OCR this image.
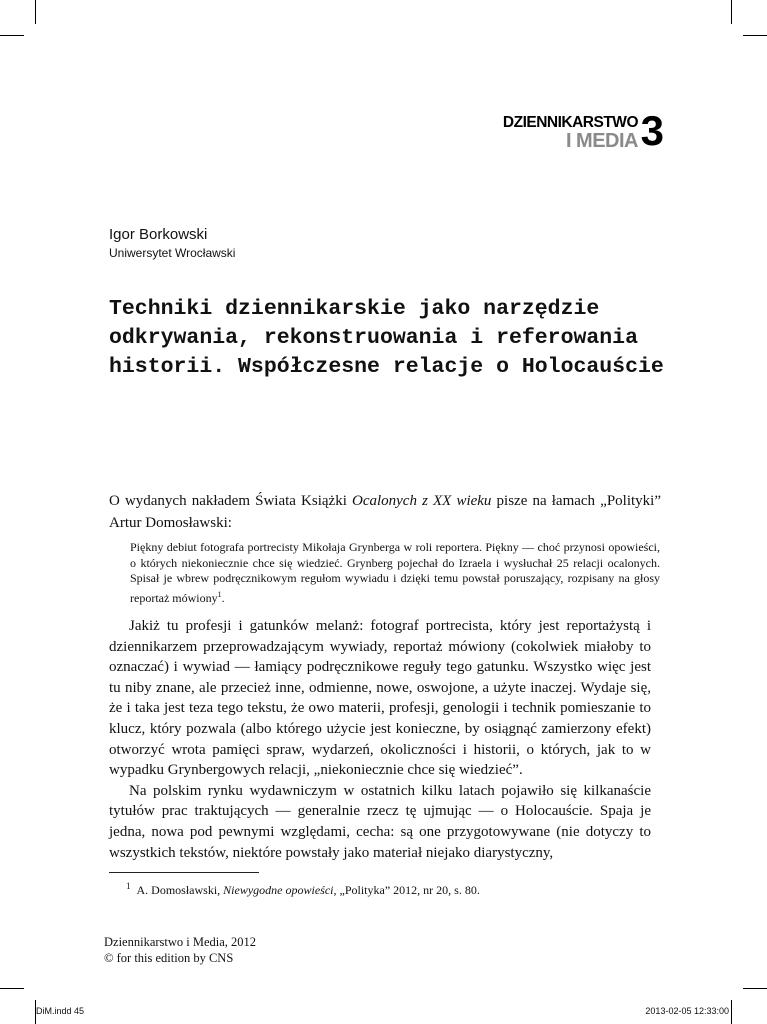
DZIENNIKARSTWO
I MEDIA 3
Igor Borkowski
Uniwersytet Wrocławski
Techniki dziennikarskie jako narzędzie odkrywania, rekonstruowania i referowania historii. Współczesne relacje o Holocauście

O wydanych nakładem Świata Książki Ocalonych z XX wieku pisze na łamach „Polityki” Artur Domosławski:

Piękny debiut fotografa portrecisty Mikołaja Grynberga w roli reportera. Piękny — choć przynosi opowieści, o których niekoniecznie chce się wiedzieć. Grynberg pojechał do Izraela i wysłuchał 25 relacji ocalonych. Spisał je wbrew podręcznikowym regułom wywiadu i dzięki temu powstał poruszający, rozpisany na głosy reportaż mówiony$^1$.

Jakiż tu profesji i gatunków melanż: fotograf portrecista, który jest reportażystą i dziennikarzem przeprowadzającym wywiady, reportaż mówiony (cokolwiek miałoby to oznaczać) i wywiad — łamiący podręcznikowe reguły tego gatunku. Wszystko więc jest tu niby znane, ale przecież inne, odmienne, nowe, oswojone, a użyte inaczej. Wydaje się, że i taka jest teza tego tekstu, że owo materii, profesji, genologii i technik pomieszanie to klucz, który pozwala (albo którego użycie jest konieczne, by osiągnąć zamierzony efekt) otworzyć wrota pamięci spraw, wydarzeń, okoliczności i historii, o których, jak to w wypadku Grynbergowych relacji, „niekoniecznie chce się wiedzieć”.

Na polskim rynku wydawniczym w ostatnich kilku latach pojawiło się kilkanaście tytułów prac traktujących — generalnie rzecz tę ujmując — o Holocauście. Spaja je jedna, nowa pod pewnymi względami, cecha: są one przygotowywane (nie dotyczy to wszystkich tekstów, niektóre powstały jako materiał niejako diarystyczny,

$^1$ A. Domosławski, Niewygodne opowieści, „Polityka” 2012, nr 20, s. 80.
Dziennikarstwo i Media, 2012
© for this edition by CNS
DiM.indd 45	2013-02-05 12:33:00
